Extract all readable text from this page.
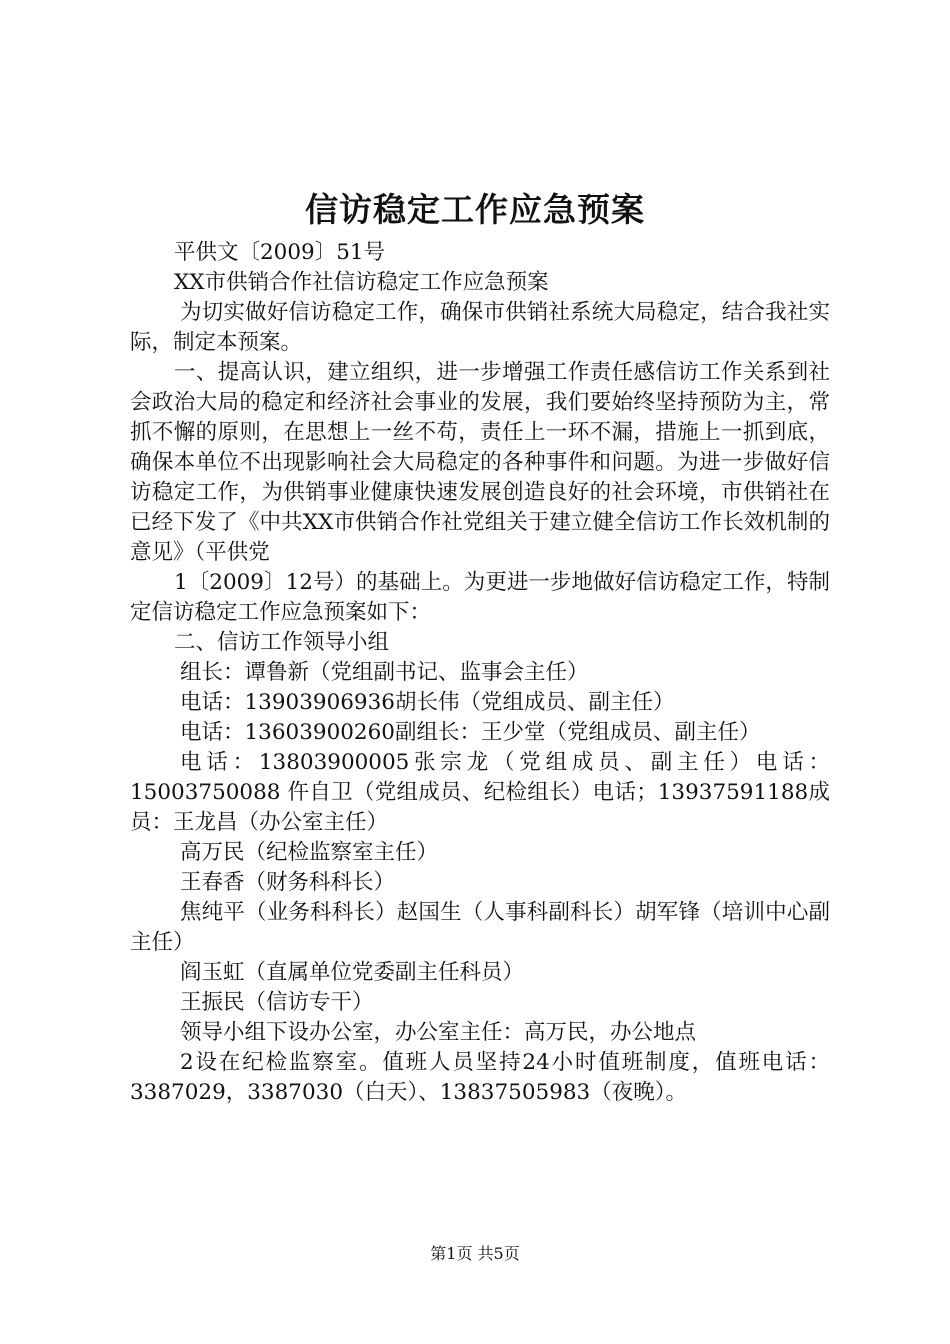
信访稳定工作应急预案

平供文〔2009〕51号

XX市供销合作社信访稳定工作应急预案

为切实做好信访稳定工作，确保市供销社系统大局稳定，结合我社实际，制定本预案。

一、提高认识，建立组织，进一步增强工作责任感信访工作关系到社会政治大局的稳定和经济社会事业的发展，我们要始终坚持预防为主，常抓不懈的原则，在思想上一丝不苟，责任上一环不漏，措施上一抓到底，确保本单位不出现影响社会大局稳定的各种事件和问题。为进一步做好信访稳定工作，为供销事业健康快速发展创造良好的社会环境，市供销社在已经下发了《中共XX市供销合作社党组关于建立健全信访工作长效机制的意见》（平供党

1〔2009〕12号）的基础上。为更进一步地做好信访稳定工作，特制定信访稳定工作应急预案如下：

二、信访工作领导小组

组长：谭鲁新（党组副书记、监事会主任）

电话：13903906936胡长伟（党组成员、副主任）

电话：13603900260副组长：王少堂（党组成员、副主任）

电话：13803900005张宗龙（党组成员、副主任）电话：15003750088 仵自卫（党组成员、纪检组长）电话；13937591188成员：王龙昌（办公室主任）

高万民（纪检监察室主任）

王春香（财务科科长）

焦纯平（业务科科长）赵国生（人事科副科长）胡军锋（培训中心副主任）

阎玉虹（直属单位党委副主任科员）

王振民（信访专干）

领导小组下设办公室，办公室主任：高万民，办公地点

2设在纪检监察室。值班人员坚持24小时值班制度，值班电话：3387029，3387030（白天）、13837505983（夜晚）。

第1页 共5页
